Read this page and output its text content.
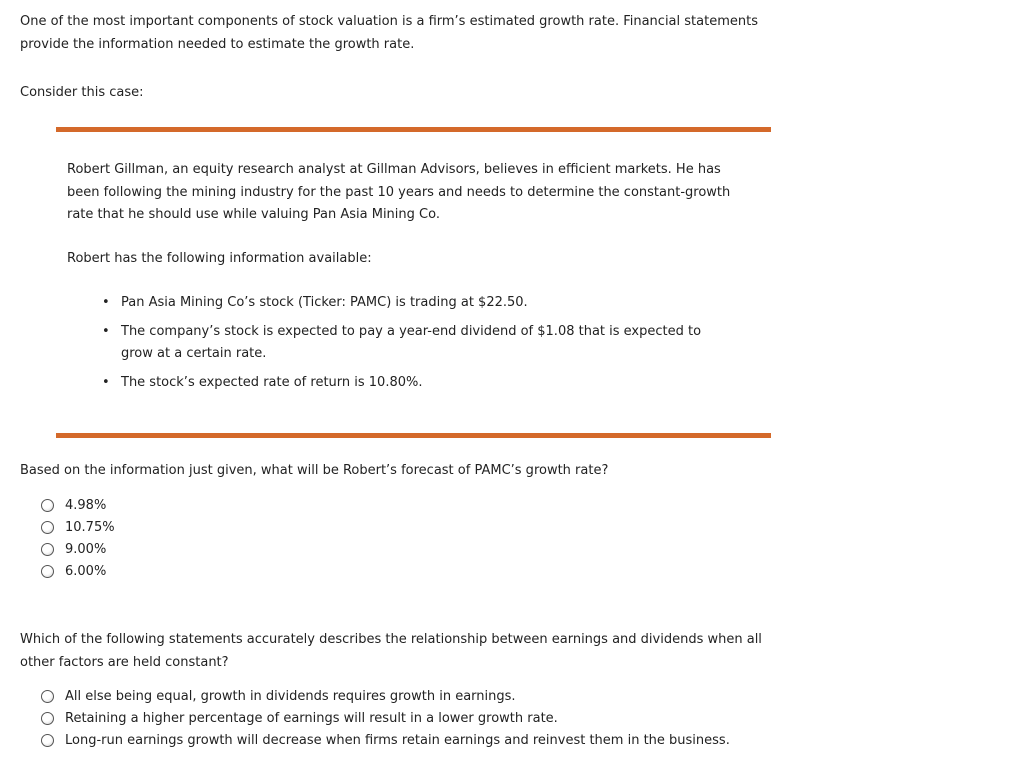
One of the most important components of stock valuation is a firm’s estimated growth rate. Financial statements
provide the information needed to estimate the growth rate.

Consider this case:

Robert Gillman, an equity research analyst at Gillman Advisors, believes in efficient markets. He has
been following the mining industry for the past 10 years and needs to determine the constant-growth
rate that he should use while valuing Pan Asia Mining Co.

Robert has the following information available:

• Pan Asia Mining Co’s stock (Ticker: PAMC) is trading at $22.50.
• The company’s stock is expected to pay a year-end dividend of $1.08 that is expected to
grow at a certain rate.
• The stock’s expected rate of return is 10.80%.

Based on the information just given, what will be Robert’s forecast of PAMC’s growth rate?

4.98%
10.75%
9.00%
6.00%

Which of the following statements accurately describes the relationship between earnings and dividends when all
other factors are held constant?

All else being equal, growth in dividends requires growth in earnings.
Retaining a higher percentage of earnings will result in a lower growth rate.
Long-run earnings growth will decrease when firms retain earnings and reinvest them in the business.
